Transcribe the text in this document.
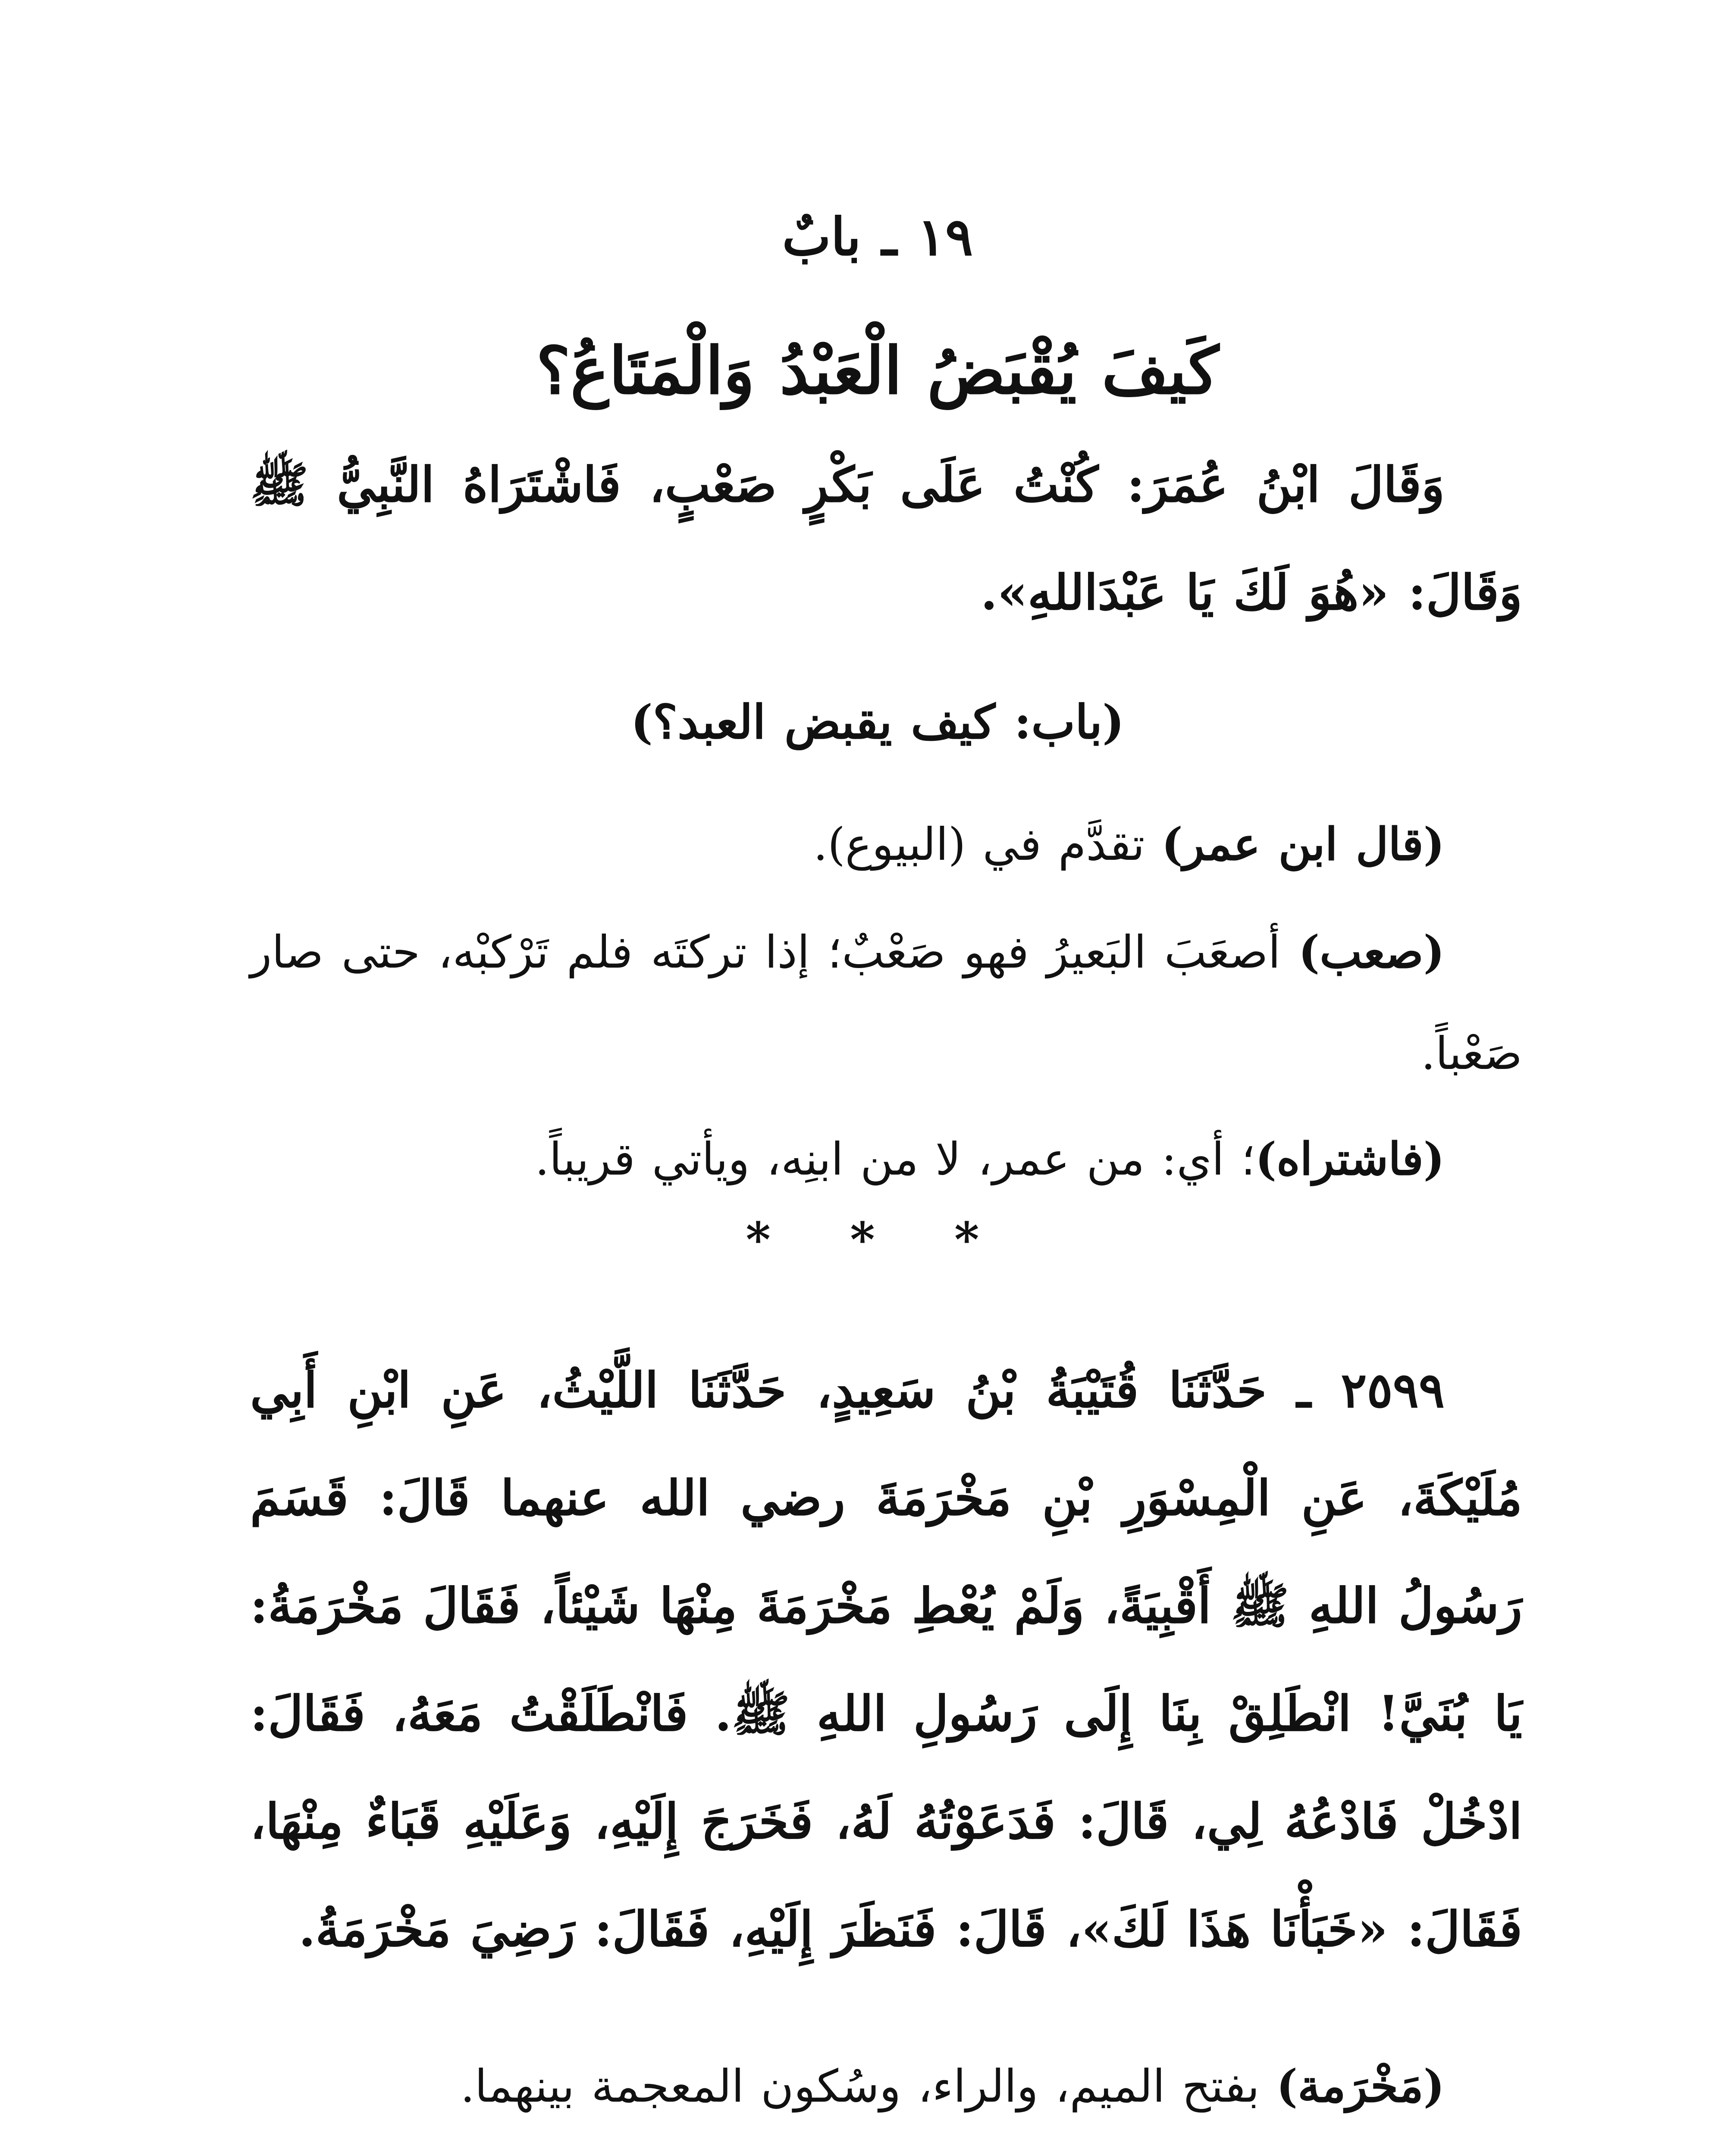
١٩ ـ بابٌ
كَيفَ يُقْبَضُ الْعَبْدُ وَالْمَتَاعُ؟

وَقَالَ ابْنُ عُمَرَ: كُنْتُ عَلَى بَكْرٍ صَعْبٍ، فَاشْتَرَاهُ النَّبِيُّ ﷺ وَقَالَ: «هُوَ لَكَ يَا عَبْدَاللهِ».

(باب: كيف يقبض العبد؟)

(قال ابن عمر) تقدَّم في (البيوع).

(صعب) أصعَبَ البَعيرُ فهو صَعْبٌ؛ إذا تركتَه فلم تَرْكبْه، حتى صار صَعْباً.

(فاشتراه)؛ أي: من عمر، لا من ابنِه، ويأتي قريباً.

* * *

٢٥٩٩ ـ حَدَّثَنَا قُتَيْبَةُ بْنُ سَعِيدٍ، حَدَّثَنَا اللَّيْثُ، عَنِ ابْنِ أَبِي مُلَيْكَةَ، عَنِ الْمِسْوَرِ بْنِ مَخْرَمَةَ رضي الله عنهما قَالَ: قَسَمَ رَسُولُ اللهِ ﷺ أَقْبِيَةً، وَلَمْ يُعْطِ مَخْرَمَةَ مِنْهَا شَيْئاً، فَقَالَ مَخْرَمَةُ: يَا بُنَيَّ! انْطَلِقْ بِنَا إِلَى رَسُولِ اللهِ ﷺ. فَانْطَلَقْتُ مَعَهُ، فَقَالَ: ادْخُلْ فَادْعُهُ لِي، قَالَ: فَدَعَوْتُهُ لَهُ، فَخَرَجَ إِلَيْهِ، وَعَلَيْهِ قَبَاءٌ مِنْهَا، فَقَالَ: «خَبَأْنَا هَذَا لَكَ»، قَالَ: فَنَظَرَ إِلَيْهِ، فَقَالَ: رَضِيَ مَخْرَمَةُ.

(مَخْرَمة) بفتح الميم، والراء، وسُكون المعجمة بينهما.
